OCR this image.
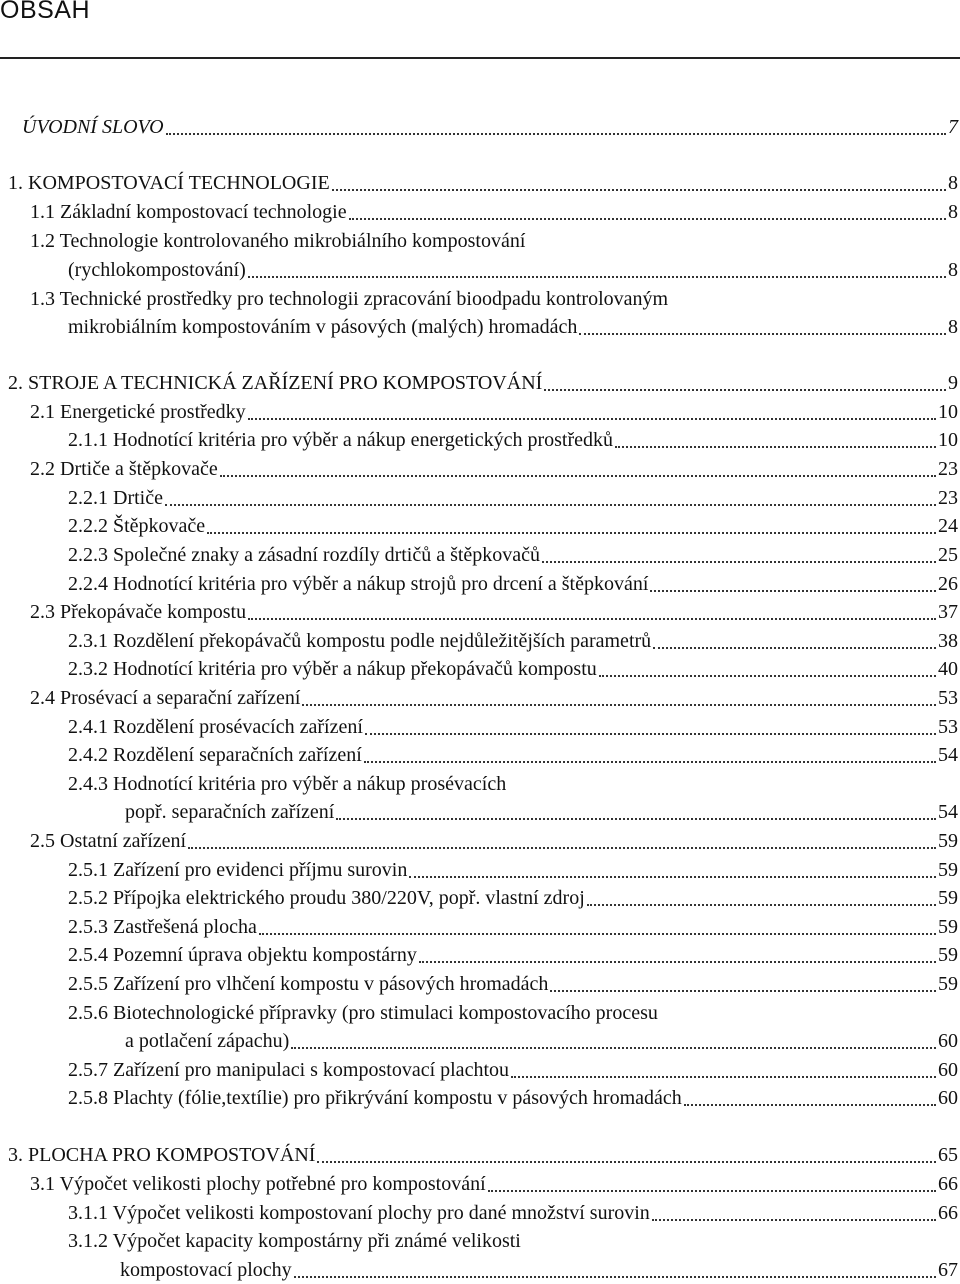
OBSAH
ÚVODNÍ SLOVO	7
1. KOMPOSTOVACÍ TECHNOLOGIE	8
1.1 Základní kompostovací technologie	8
1.2 Technologie kontrolovaného mikrobiálního kompostování
(rychlokompostování)	8
1.3 Technické prostředky pro technologii zpracování bioodpadu kontrolovaným
mikrobiálním kompostováním v pásových (malých) hromadách	8
2. STROJE A TECHNICKÁ ZAŘÍZENÍ PRO KOMPOSTOVÁNÍ	9
2.1 Energetické prostředky	10
2.1.1 Hodnotící kritéria pro výběr a nákup energetických prostředků	10
2.2 Drtiče a štěpkovače	23
2.2.1 Drtiče	23
2.2.2 Štěpkovače	24
2.2.3 Společné znaky a zásadní rozdíly drtičů a štěpkovačů	25
2.2.4 Hodnotící kritéria pro výběr a nákup strojů pro drcení a štěpkování	26
2.3 Překopávače kompostu	37
2.3.1 Rozdělení překopávačů kompostu podle nejdůležitějších parametrů	38
2.3.2 Hodnotící kritéria pro výběr a nákup překopávačů kompostu	40
2.4 Prosévací a separační zařízení	53
2.4.1 Rozdělení prosévacích zařízení	53
2.4.2 Rozdělení separačních zařízení	54
2.4.3 Hodnotící kritéria pro výběr a nákup prosévacích
popř. separačních zařízení	54
2.5 Ostatní zařízení	59
2.5.1 Zařízení pro evidenci příjmu surovin	59
2.5.2 Přípojka elektrického proudu 380/220V, popř. vlastní zdroj	59
2.5.3 Zastřešená plocha	59
2.5.4 Pozemní úprava objektu kompostárny	59
2.5.5 Zařízení pro vlhčení kompostu v pásových hromadách	59
2.5.6 Biotechnologické přípravky (pro stimulaci kompostovacího procesu
a potlačení zápachu)	60
2.5.7 Zařízení pro manipulaci s kompostovací plachtou	60
2.5.8 Plachty (fólie,textílie) pro přikrývání kompostu v pásových hromadách	60
3. PLOCHA PRO KOMPOSTOVÁNÍ	65
3.1 Výpočet velikosti plochy potřebné pro kompostování	66
3.1.1 Výpočet velikosti kompostovaní plochy pro dané množství surovin	66
3.1.2 Výpočet kapacity kompostárny při známé velikosti
kompostovací plochy	67
